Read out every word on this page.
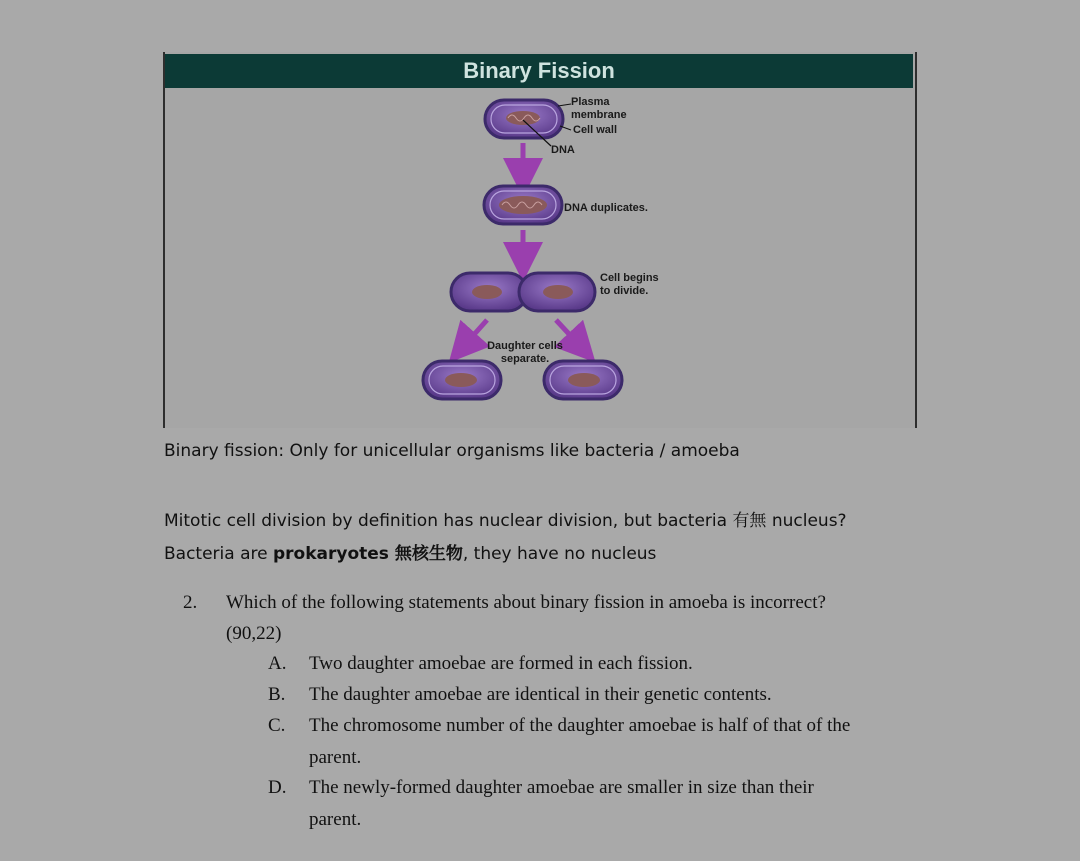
Binary Fission
Plasma membrane
Cell wall
DNA
DNA duplicates.
Cell begins to divide.
Daughter cells separate.
Binary fission: Only for unicellular organisms like bacteria / amoeba
Mitotic cell division by definition has nuclear division, but bacteria 有無 nucleus?
Bacteria are prokaryotes 無核生物, they have no nucleus
2. Which of the following statements about binary fission in amoeba is incorrect?
(90,22)
A. Two daughter amoebae are formed in each fission.
B. The daughter amoebae are identical in their genetic contents.
C. The chromosome number of the daughter amoebae is half of that of the
parent.
D. The newly-formed daughter amoebae are smaller in size than their
parent.
